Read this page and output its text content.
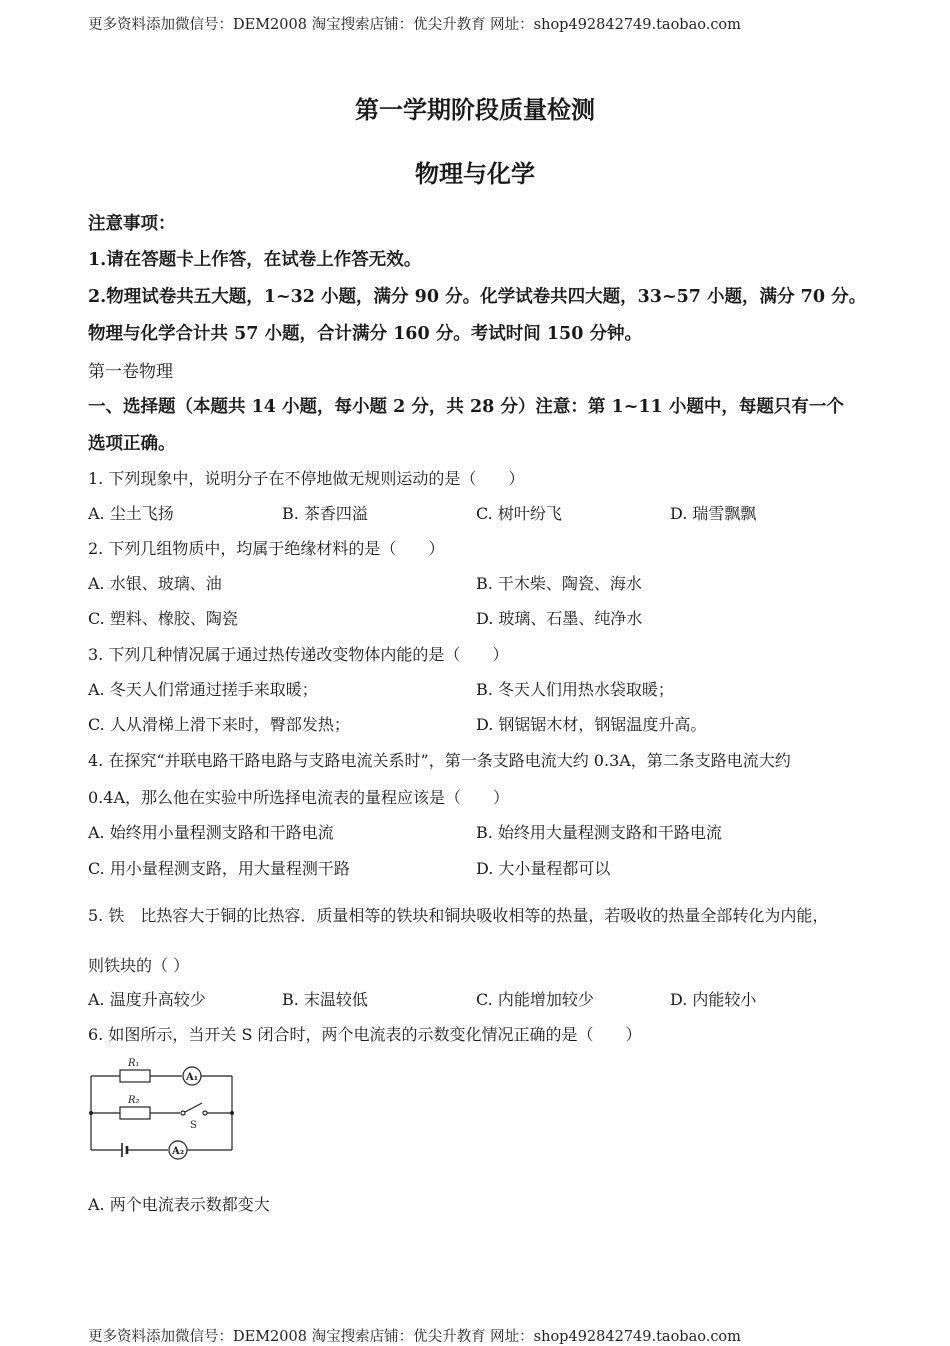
更多资料添加微信号：DEM2008 淘宝搜索店铺：优尖升教育 网址：shop492842749.taobao.com
第一学期阶段质量检测
物理与化学
注意事项：
1.请在答题卡上作答，在试卷上作答无效。
2.物理试卷共五大题，1~32 小题，满分 90 分。化学试卷共四大题，33~57 小题，满分 70 分。
物理与化学合计共 57 小题，合计满分 160 分。考试时间 150 分钟。
第一卷物理
一、选择题（本题共 14 小题，每小题 2 分，共 28 分）注意：第 1~11 小题中，每题只有一个
选项正确。
1. 下列现象中，说明分子在不停地做无规则运动的是（　　）
A. 尘土飞扬	B. 茶香四溢	C. 树叶纷飞	D. 瑞雪飘飘
2. 下列几组物质中，均属于绝缘材料的是（　　）
A. 水银、玻璃、油	B. 干木柴、陶瓷、海水
C. 塑料、橡胶、陶瓷	D. 玻璃、石墨、纯净水
3. 下列几种情况属于通过热传递改变物体内能的是（　　）
A. 冬天人们常通过搓手来取暖；	B. 冬天人们用热水袋取暖；
C. 人从滑梯上滑下来时，臀部发热；	D. 钢锯锯木材，钢锯温度升高。
4. 在探究“并联电路干路电路与支路电流关系时”，第一条支路电流大约 0.3A，第二条支路电流大约
0.4A，那么他在实验中所选择电流表的量程应该是（　　）
A. 始终用小量程测支路和干路电流	B. 始终用大量程测支路和干路电流
C. 用小量程测支路，用大量程测干路	D. 大小量程都可以
5. 铁　比热容大于铜的比热容．质量相等的铁块和铜块吸收相等的热量，若吸收的热量全部转化为内能，
则铁块的（ ）
A. 温度升高较少	B. 末温较低	C. 内能增加较少	D. 内能较小
6. 如图所示，当开关 S 闭合时，两个电流表的示数变化情况正确的是（　　）
R₁
R₂
A₁
A₂
S
A. 两个电流表示数都变大
更多资料添加微信号：DEM2008 淘宝搜索店铺：优尖升教育 网址：shop492842749.taobao.com
